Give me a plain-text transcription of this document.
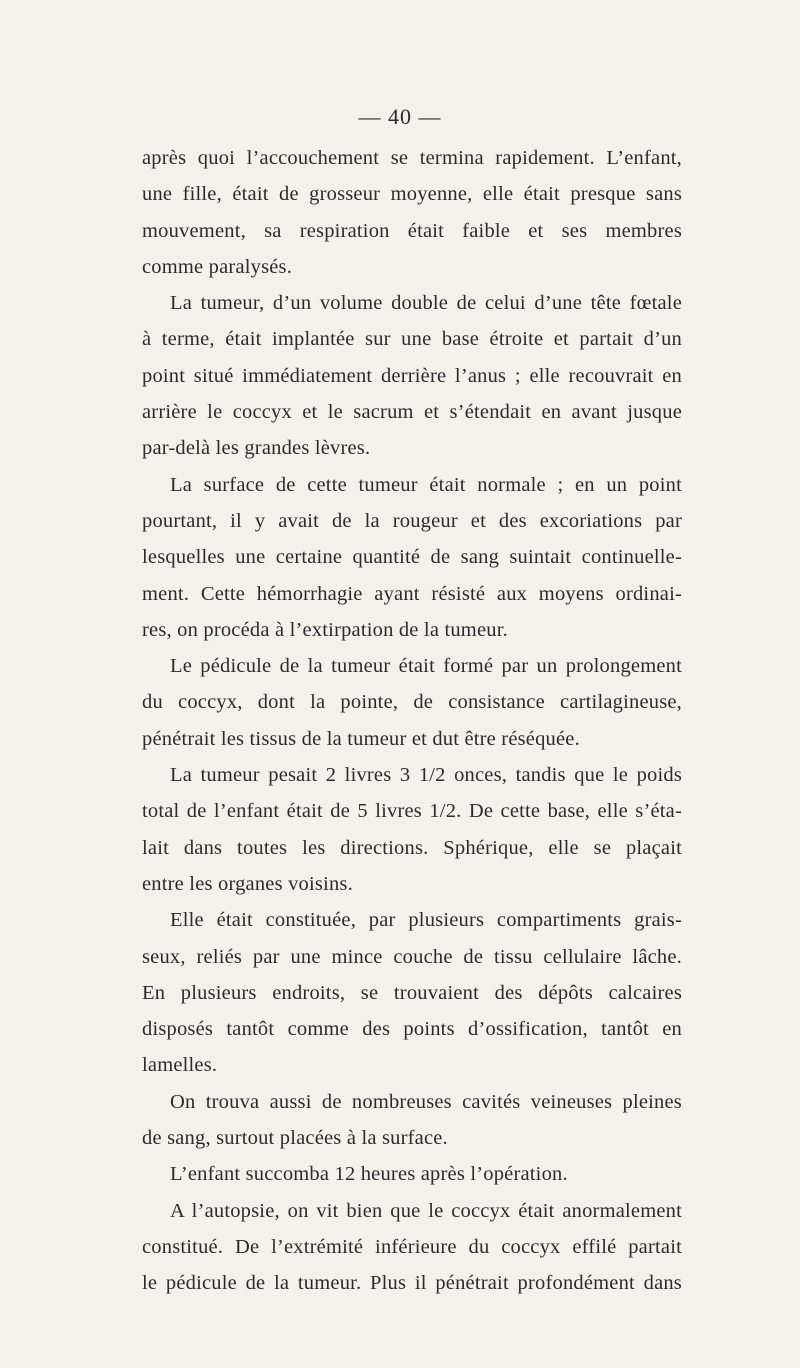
— 40 —
après quoi l’accouchement se termina rapidement. L’enfant,
une fille, était de grosseur moyenne, elle était presque sans
mouvement, sa respiration était faible et ses membres
comme paralysés.
La tumeur, d’un volume double de celui d’une tête fœtale
à terme, était implantée sur une base étroite et partait d’un
point situé immédiatement derrière l’anus ; elle recouvrait en
arrière le coccyx et le sacrum et s’étendait en avant jusque
par-delà les grandes lèvres.
La surface de cette tumeur était normale ; en un point
pourtant, il y avait de la rougeur et des excoriations par
lesquelles une certaine quantité de sang suintait continuelle-
ment. Cette hémorrhagie ayant résisté aux moyens ordinai-
res, on procéda à l’extirpation de la tumeur.
Le pédicule de la tumeur était formé par un prolongement
du coccyx, dont la pointe, de consistance cartilagineuse,
pénétrait les tissus de la tumeur et dut être réséquée.
La tumeur pesait 2 livres 3 1/2 onces, tandis que le poids
total de l’enfant était de 5 livres 1/2. De cette base, elle s’éta-
lait dans toutes les directions. Sphérique, elle se plaçait
entre les organes voisins.
Elle était constituée, par plusieurs compartiments grais-
seux, reliés par une mince couche de tissu cellulaire lâche.
En plusieurs endroits, se trouvaient des dépôts calcaires
disposés tantôt comme des points d’ossification, tantôt en
lamelles.
On trouva aussi de nombreuses cavités veineuses pleines
de sang, surtout placées à la surface.
L’enfant succomba 12 heures après l’opération.
A l’autopsie, on vit bien que le coccyx était anormalement
constitué. De l’extrémité inférieure du coccyx effilé partait
le pédicule de la tumeur. Plus il pénétrait profondément dans
